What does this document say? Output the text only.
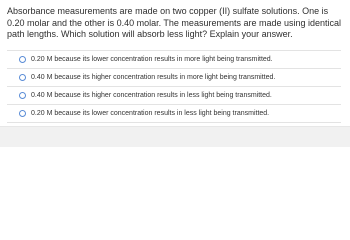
Absorbance measurements are made on two copper (II) sulfate solutions. One is 0.20 molar and the other is 0.40 molar. The measurements are made using identical path lengths. Which solution will absorb less light? Explain your answer.

0.20 M because its lower concentration results in more light being transmitted.
0.40 M because its higher concentration results in more light being transmitted.
0.40 M because its higher concentration results in less light being transmitted.
0.20 M because its lower concentration results in less light being transmitted.
